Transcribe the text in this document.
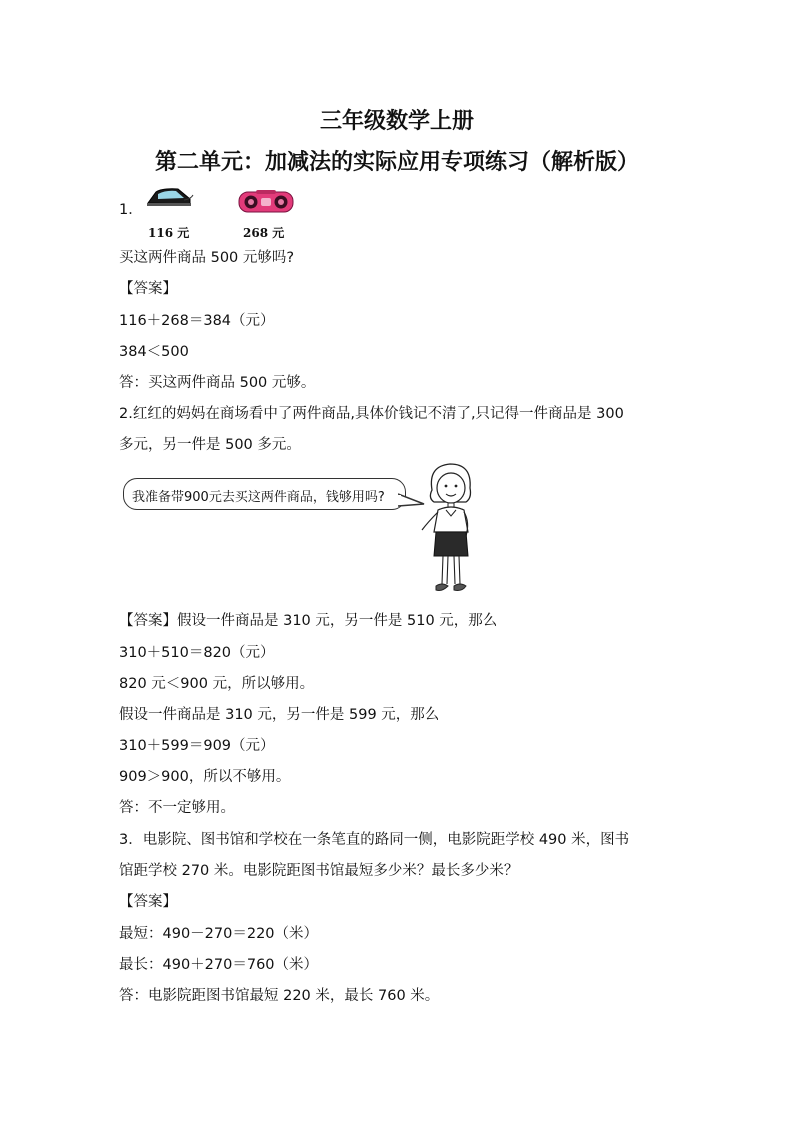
三年级数学上册
第二单元：加减法的实际应用专项练习（解析版）
1．
116 元	268 元
买这两件商品 500 元够吗?
【答案】
116＋268＝384（元）
384＜500
答：买这两件商品 500 元够。
2.红红的妈妈在商场看中了两件商品,具体价钱记不清了,只记得一件商品是 300
多元，另一件是 500 多元。
我准备带900元去买这两件商品，钱够用吗?
【答案】假设一件商品是 310 元，另一件是 510 元，那么
310＋510＝820（元）
820 元＜900 元，所以够用。
假设一件商品是 310 元，另一件是 599 元，那么
310＋599＝909（元）
909＞900，所以不够用。
答：不一定够用。
3．电影院、图书馆和学校在一条笔直的路同一侧，电影院距学校 490 米，图书
馆距学校 270 米。电影院距图书馆最短多少米？最长多少米？
【答案】
最短：490－270＝220（米）
最长：490＋270＝760（米）
答：电影院距图书馆最短 220 米，最长 760 米。
